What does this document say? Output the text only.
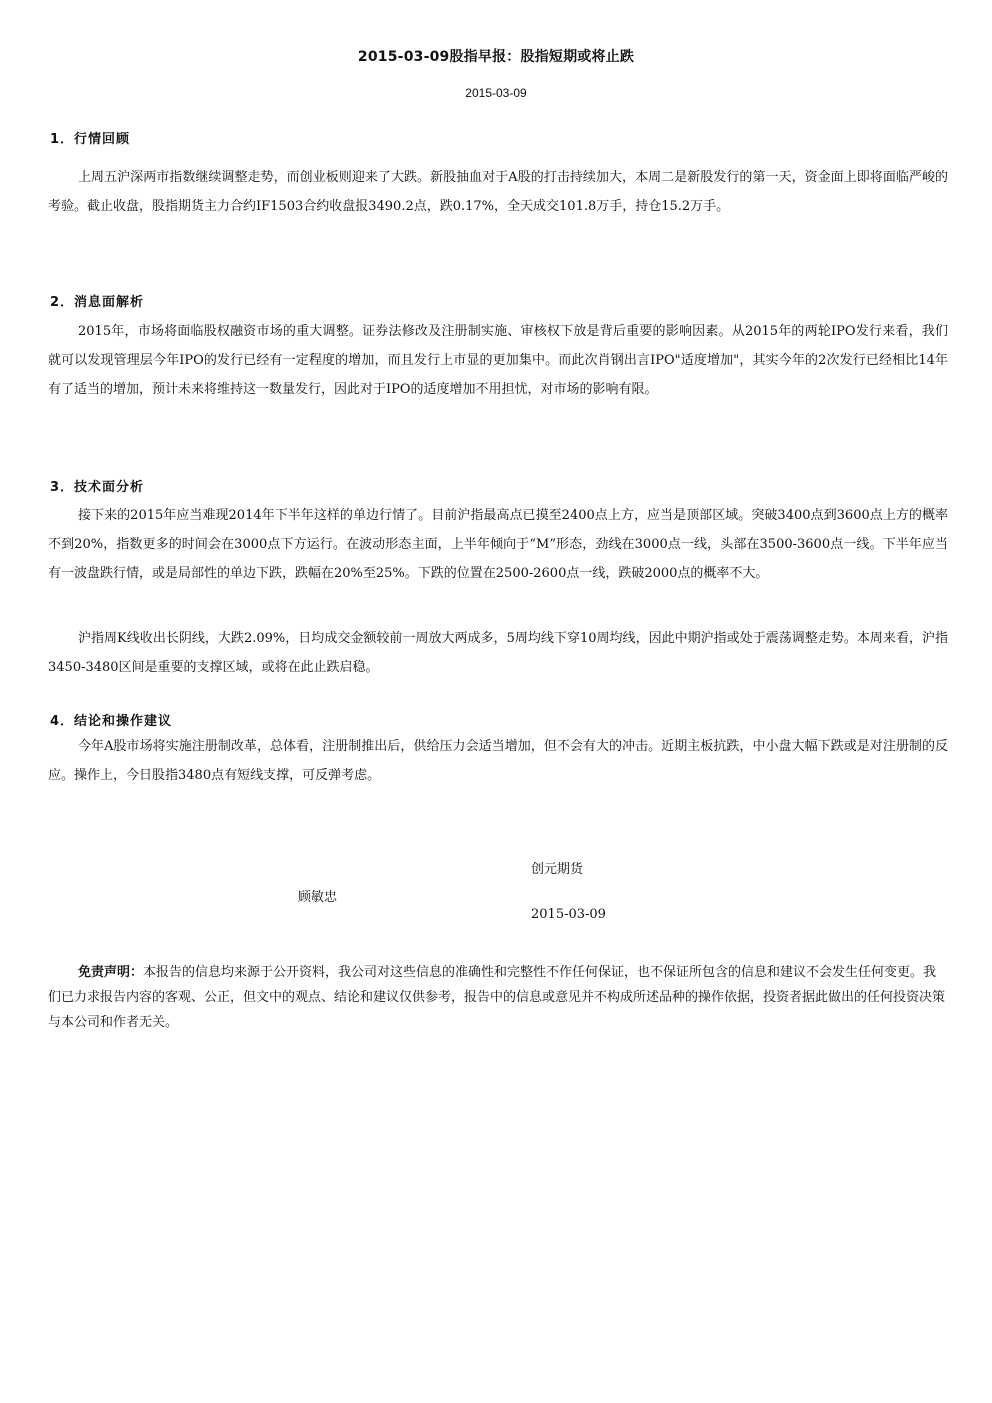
2015-03-09股指早报：股指短期或将止跌
2015-03-09
1．行情回顾
上周五沪深两市指数继续调整走势，而创业板则迎来了大跌。新股抽血对于A股的打击持续加大，本周二是新股发行的第一天，资金面上即将面临严峻的考验。截止收盘，股指期货主力合约IF1503合约收盘报3490.2点，跌0.17%，全天成交101.8万手，持仓15.2万手。
2．消息面解析
2015年，市场将面临股权融资市场的重大调整。证券法修改及注册制实施、审核权下放是背后重要的影响因素。从2015年的两轮IPO发行来看，我们就可以发现管理层今年IPO的发行已经有一定程度的增加，而且发行上市显的更加集中。而此次肖钢出言IPO"适度增加"，其实今年的2次发行已经相比14年有了适当的增加，预计未来将维持这一数量发行，因此对于IPO的适度增加不用担忧，对市场的影响有限。
3．技术面分析
接下来的2015年应当难现2014年下半年这样的单边行情了。目前沪指最高点已摸至2400点上方，应当是顶部区域。突破3400点到3600点上方的概率不到20%，指数更多的时间会在3000点下方运行。在波动形态主面，上半年倾向于“M”形态，劲线在3000点一线，头部在3500-3600点一线。下半年应当有一波盘跌行情，或是局部性的单边下跌，跌幅在20%至25%。下跌的位置在2500-2600点一线，跌破2000点的概率不大。
沪指周K线收出长阴线，大跌2.09%，日均成交金额较前一周放大两成多，5周均线下穿10周均线，因此中期沪指或处于震荡调整走势。本周来看，沪指3450-3480区间是重要的支撑区域，或将在此止跌启稳。
4．结论和操作建议
今年A股市场将实施注册制改革，总体看，注册制推出后，供给压力会适当增加，但不会有大的冲击。近期主板抗跌，中小盘大幅下跌或是对注册制的反应。操作上，今日股指3480点有短线支撑，可反弹考虑。
创元期货
顾敏忠
2015-03-09
免责声明：本报告的信息均来源于公开资料，我公司对这些信息的准确性和完整性不作任何保证，也不保证所包含的信息和建议不会发生任何变更。我们已力求报告内容的客观、公正，但文中的观点、结论和建议仅供参考，报告中的信息或意见并不构成所述品种的操作依据，投资者据此做出的任何投资决策与本公司和作者无关。
